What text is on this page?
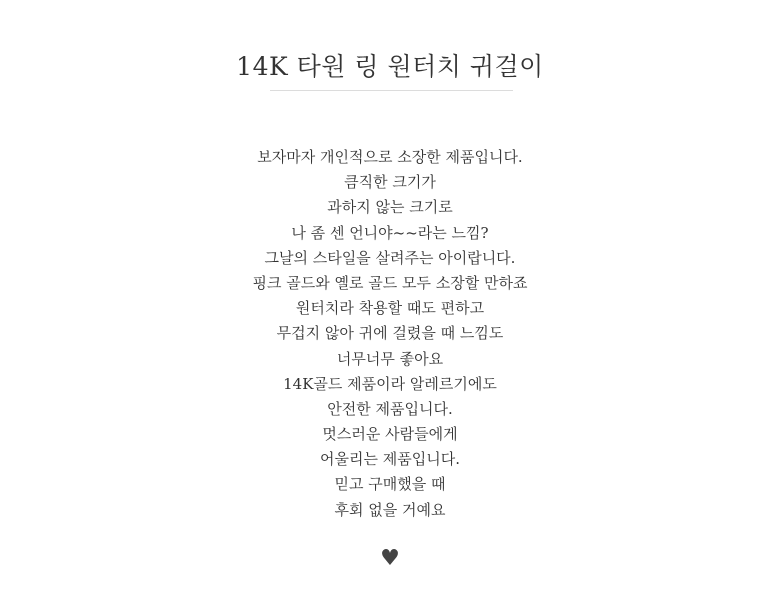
14K 타원 링 원터치 귀걸이
보자마자 개인적으로 소장한 제품입니다.
큼직한 크기가
과하지 않는 크기로
나 좀 센 언니야~~라는 느낌?
그날의 스타일을 살려주는 아이랍니다.
핑크 골드와 옐로 골드 모두 소장할 만하죠
원터치라 착용할 때도 편하고
무겁지 않아 귀에 걸렸을 때 느낌도
너무너무 좋아요
14K골드 제품이라 알레르기에도
안전한 제품입니다.
멋스러운 사람들에게
어울리는 제품입니다.
믿고 구매했을 때
후회 없을 거예요
♥
